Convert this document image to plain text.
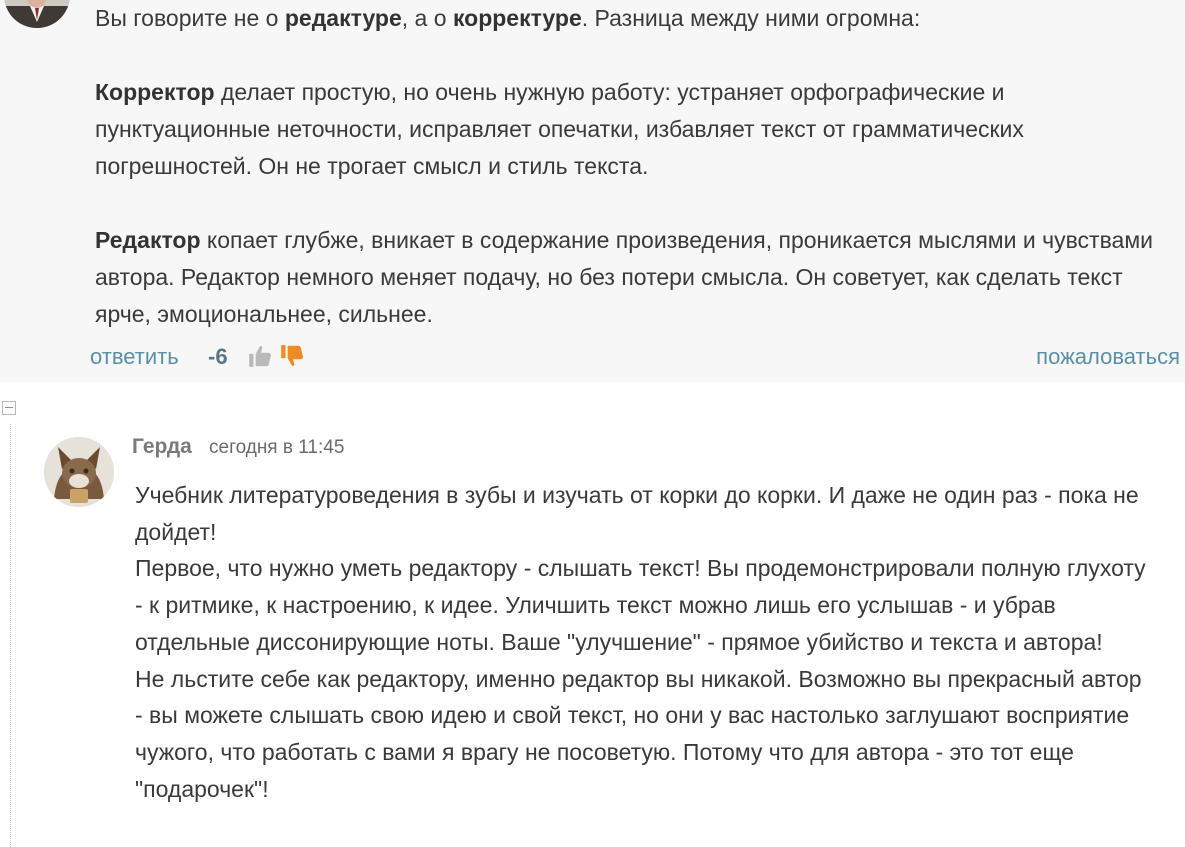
Вы говорите не о редактуре, а о корректуре. Разница между ними огромна:

Корректор делает простую, но очень нужную работу: устраняет орфографические и пунктуационные неточности, исправляет опечатки, избавляет текст от грамматических погрешностей. Он не трогает смысл и стиль текста.

Редактор копает глубже, вникает в содержание произведения, проникается мыслями и чувствами автора. Редактор немного меняет подачу, но без потери смысла. Он советует, как сделать текст ярче, эмоциональнее, сильнее.

ответить -6	пожаловаться
Герда сегодня в 11:45

Учебник литературоведения в зубы и изучать от корки до корки. И даже не один раз - пока не дойдет!

Первое, что нужно уметь редактору - слышать текст! Вы продемонстрировали полную глухоту - к ритмике, к настроению, к идее. Уличшить текст можно лишь его услышав - и убрав отдельные диссонирующие ноты. Ваше "улучшение" - прямое убийство и текста и автора!

Не льстите себе как редактору, именно редактор вы никакой. Возможно вы прекрасный автор - вы можете слышать свою идею и свой текст, но они у вас настолько заглушают восприятие чужого, что работать с вами я врагу не посоветую. Потому что для автора - это тот еще "подарочек"!
